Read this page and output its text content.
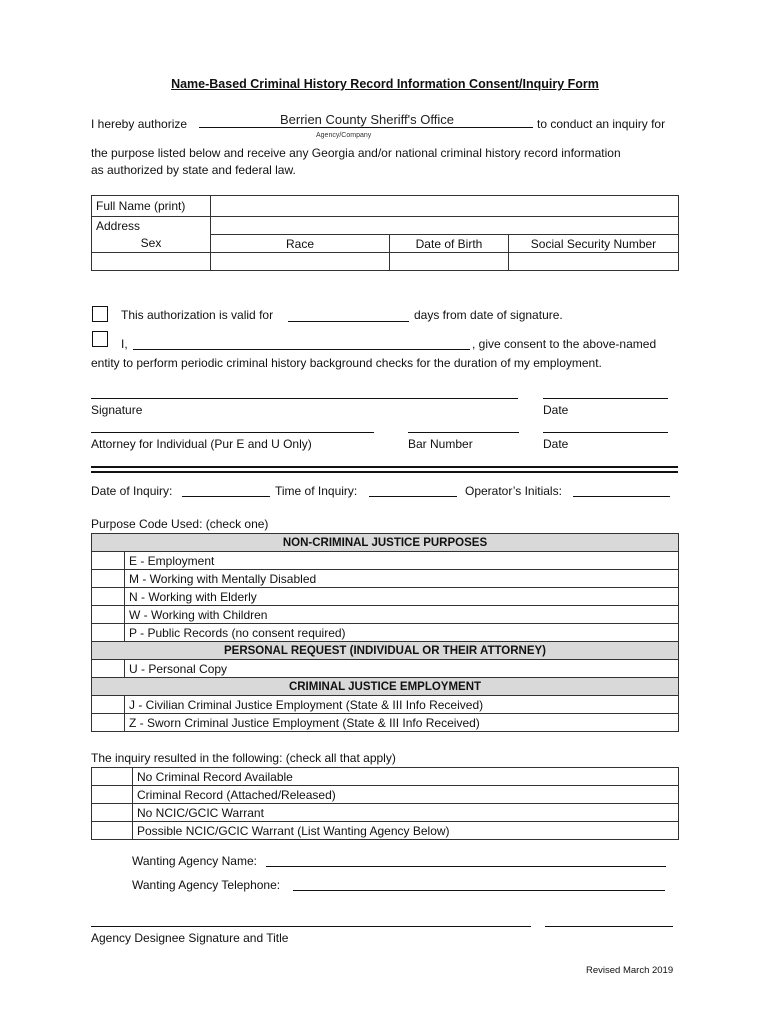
Name-Based Criminal History Record Information Consent/Inquiry Form
I hereby authorize	Berrien County Sheriff's Office	to conduct an inquiry for
Agency/Company
the purpose listed below and receive any Georgia and/or national criminal history record information
as authorized by state and federal law.
Full Name (print)			
Address			
Sex	Race	Date of Birth	Social Security Number

This authorization is valid for	days from date of signature.
I,	, give consent to the above-named
entity to perform periodic criminal history background checks for the duration of my employment.
Signature	Date
Attorney for Individual (Pur E and U Only)	Bar Number	Date
Date of Inquiry:	Time of Inquiry:	Operator’s Initials:
Purpose Code Used: (check one)
NON-CRIMINAL JUSTICE PURPOSES	
	E - Employment
	M - Working with Mentally Disabled
	N - Working with Elderly
	W - Working with Children
	P - Public Records (no consent required)
PERSONAL REQUEST (INDIVIDUAL OR THEIR ATTORNEY)	
	U - Personal Copy
CRIMINAL JUSTICE EMPLOYMENT	
	J - Civilian Criminal Justice Employment (State & III Info Received)
	Z - Sworn Criminal Justice Employment (State & III Info Received)
The inquiry resulted in the following: (check all that apply)
	No Criminal Record Available
	Criminal Record (Attached/Released)
	No NCIC/GCIC Warrant
	Possible NCIC/GCIC Warrant (List Wanting Agency Below)
Wanting Agency Name:
Wanting Agency Telephone:
Agency Designee Signature and Title
Revised March 2019
